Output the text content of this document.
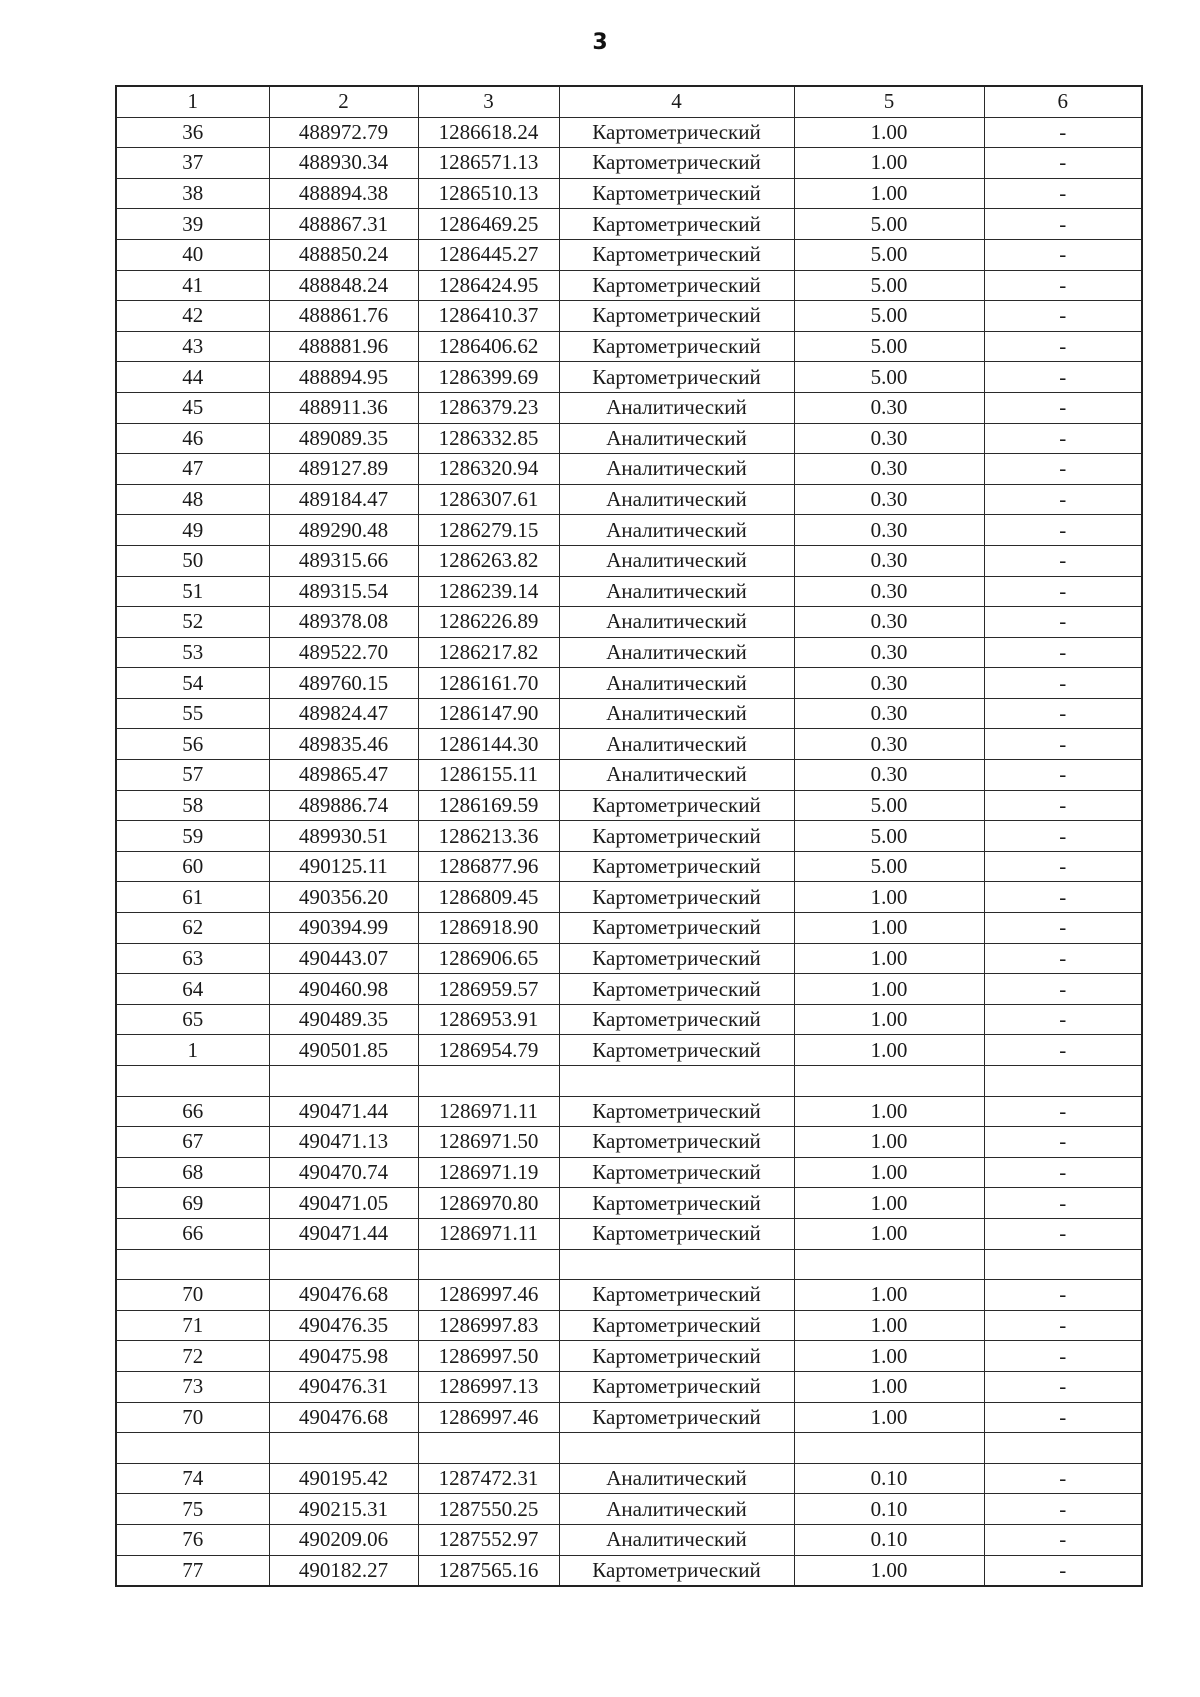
3
1	2	3	4	5	6
36	488972.79	1286618.24	Картометрический	1.00	-
37	488930.34	1286571.13	Картометрический	1.00	-
38	488894.38	1286510.13	Картометрический	1.00	-
39	488867.31	1286469.25	Картометрический	5.00	-
40	488850.24	1286445.27	Картометрический	5.00	-
41	488848.24	1286424.95	Картометрический	5.00	-
42	488861.76	1286410.37	Картометрический	5.00	-
43	488881.96	1286406.62	Картометрический	5.00	-
44	488894.95	1286399.69	Картометрический	5.00	-
45	488911.36	1286379.23	Аналитический	0.30	-
46	489089.35	1286332.85	Аналитический	0.30	-
47	489127.89	1286320.94	Аналитический	0.30	-
48	489184.47	1286307.61	Аналитический	0.30	-
49	489290.48	1286279.15	Аналитический	0.30	-
50	489315.66	1286263.82	Аналитический	0.30	-
51	489315.54	1286239.14	Аналитический	0.30	-
52	489378.08	1286226.89	Аналитический	0.30	-
53	489522.70	1286217.82	Аналитический	0.30	-
54	489760.15	1286161.70	Аналитический	0.30	-
55	489824.47	1286147.90	Аналитический	0.30	-
56	489835.46	1286144.30	Аналитический	0.30	-
57	489865.47	1286155.11	Аналитический	0.30	-
58	489886.74	1286169.59	Картометрический	5.00	-
59	489930.51	1286213.36	Картометрический	5.00	-
60	490125.11	1286877.96	Картометрический	5.00	-
61	490356.20	1286809.45	Картометрический	1.00	-
62	490394.99	1286918.90	Картометрический	1.00	-
63	490443.07	1286906.65	Картометрический	1.00	-
64	490460.98	1286959.57	Картометрический	1.00	-
65	490489.35	1286953.91	Картометрический	1.00	-
1	490501.85	1286954.79	Картометрический	1.00	-

66	490471.44	1286971.11	Картометрический	1.00	-
67	490471.13	1286971.50	Картометрический	1.00	-
68	490470.74	1286971.19	Картометрический	1.00	-
69	490471.05	1286970.80	Картометрический	1.00	-
66	490471.44	1286971.11	Картометрический	1.00	-

70	490476.68	1286997.46	Картометрический	1.00	-
71	490476.35	1286997.83	Картометрический	1.00	-
72	490475.98	1286997.50	Картометрический	1.00	-
73	490476.31	1286997.13	Картометрический	1.00	-
70	490476.68	1286997.46	Картометрический	1.00	-

74	490195.42	1287472.31	Аналитический	0.10	-
75	490215.31	1287550.25	Аналитический	0.10	-
76	490209.06	1287552.97	Аналитический	0.10	-
77	490182.27	1287565.16	Картометрический	1.00	-
